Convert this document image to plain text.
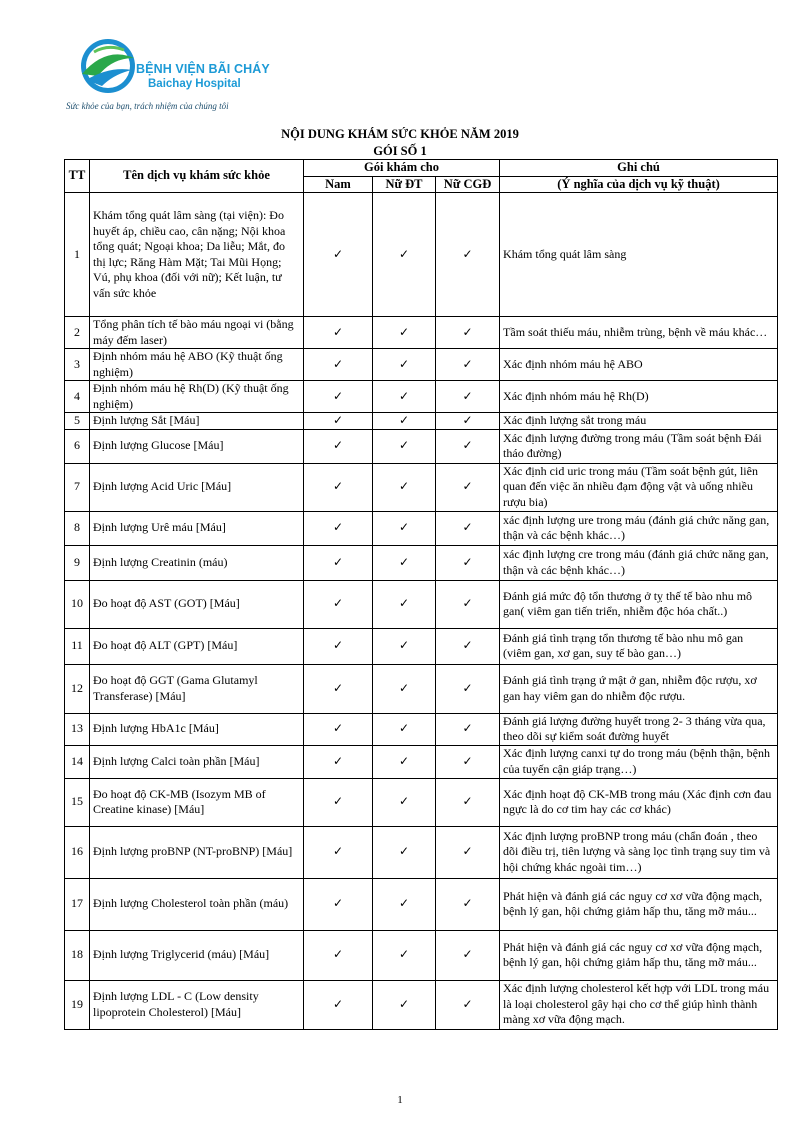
BỆNH VIỆN BÃI CHÁY
Baichay Hospital
Sức khỏe của bạn, trách nhiệm của chúng tôi
NỘI DUNG KHÁM SỨC KHỎE NĂM 2019
GÓI SỐ 1
TT	Tên dịch vụ khám sức khỏe	Gói khám cho			Ghi chú
		Nam	Nữ ĐT	Nữ CGĐ	(Ý nghĩa của dịch vụ kỹ thuật)
1	Khám tổng quát lâm sàng (tại viện): Đo huyết áp, chiều cao, cân nặng; Nội khoa tổng quát; Ngoại khoa; Da liễu; Mắt, đo thị lực; Răng Hàm Mặt; Tai Mũi Họng; Vú, phụ khoa (đối với nữ); Kết luận, tư vấn sức khỏe	✓	✓	✓	Khám tổng quát lâm sàng
2	Tổng phân tích tế bào máu ngoại vi (bằng máy đếm laser)	✓	✓	✓	Tầm soát thiếu máu, nhiễm trùng, bệnh về máu khác…
3	Định nhóm máu hệ ABO (Kỹ thuật ống nghiệm)	✓	✓	✓	Xác định nhóm máu hệ ABO
4	Định nhóm máu hệ Rh(D) (Kỹ thuật ống nghiệm)	✓	✓	✓	Xác định nhóm máu hệ Rh(D)
5	Định lượng Sắt [Máu]	✓	✓	✓	Xác định lượng sắt trong máu
6	Định lượng Glucose [Máu]	✓	✓	✓	Xác định lượng đường trong máu (Tầm soát bệnh Đái tháo đường)
7	Định lượng Acid Uric [Máu]	✓	✓	✓	Xác định cid uric trong máu (Tầm soát bệnh gút, liên quan đến việc ăn nhiều đạm động vật và uống nhiều rượu bia)
8	Định lượng Urê máu [Máu]	✓	✓	✓	xác định lượng ure trong máu (đánh giá chức năng gan, thận và các bệnh khác…)
9	Định lượng Creatinin (máu)	✓	✓	✓	xác định lượng cre trong máu (đánh giá chức năng gan, thận và các bệnh khác…)
10	Đo hoạt độ AST (GOT) [Máu]	✓	✓	✓	Đánh giá mức độ tổn thương ở tỵ thế tế bào nhu mô gan( viêm gan tiến triển, nhiễm độc hóa chất..)
11	Đo hoạt độ ALT (GPT) [Máu]	✓	✓	✓	Đánh giá tình trạng tổn thương tế bào nhu mô gan (viêm gan, xơ gan, suy tế bào gan…)
12	Đo hoạt độ GGT (Gama Glutamyl Transferase) [Máu]	✓	✓	✓	Đánh giá tình trạng ứ mật ở gan, nhiễm độc rượu, xơ gan hay viêm gan do nhiễm độc rượu.
13	Định lượng HbA1c [Máu]	✓	✓	✓	Đánh giá lượng đường huyết trong 2- 3 tháng vừa qua, theo dõi sự kiểm soát đường huyết
14	Định lượng Calci toàn phần [Máu]	✓	✓	✓	Xác định lượng canxi tự do trong máu (bệnh thận, bệnh của tuyến cận giáp trạng…)
15	Đo hoạt độ CK-MB (Isozym MB of Creatine kinase) [Máu]	✓	✓	✓	Xác định hoạt độ CK-MB trong máu (Xác định cơn đau ngực là do cơ tim hay các cơ khác)
16	Định lượng proBNP (NT-proBNP) [Máu]	✓	✓	✓	Xác định lượng proBNP trong máu (chẩn đoán , theo dõi điều trị, tiên lượng và sàng lọc tình trạng suy tim và hội chứng khác ngoài tim…)
17	Định lượng Cholesterol toàn phần (máu)	✓	✓	✓	Phát hiện và đánh giá các nguy cơ xơ vữa động mạch, bệnh lý gan, hội chứng giảm hấp thu, tăng mỡ máu...
18	Định lượng Triglycerid (máu) [Máu]	✓	✓	✓	Phát hiện và đánh giá các nguy cơ xơ vữa động mạch, bệnh lý gan, hội chứng giảm hấp thu, tăng mỡ máu...
19	Định lượng LDL - C (Low density lipoprotein Cholesterol) [Máu]	✓	✓	✓	Xác định lượng cholesterol kết hợp với LDL trong máu là loại cholesterol gây hại cho cơ thể giúp hình thành màng xơ vữa động mạch.
1
